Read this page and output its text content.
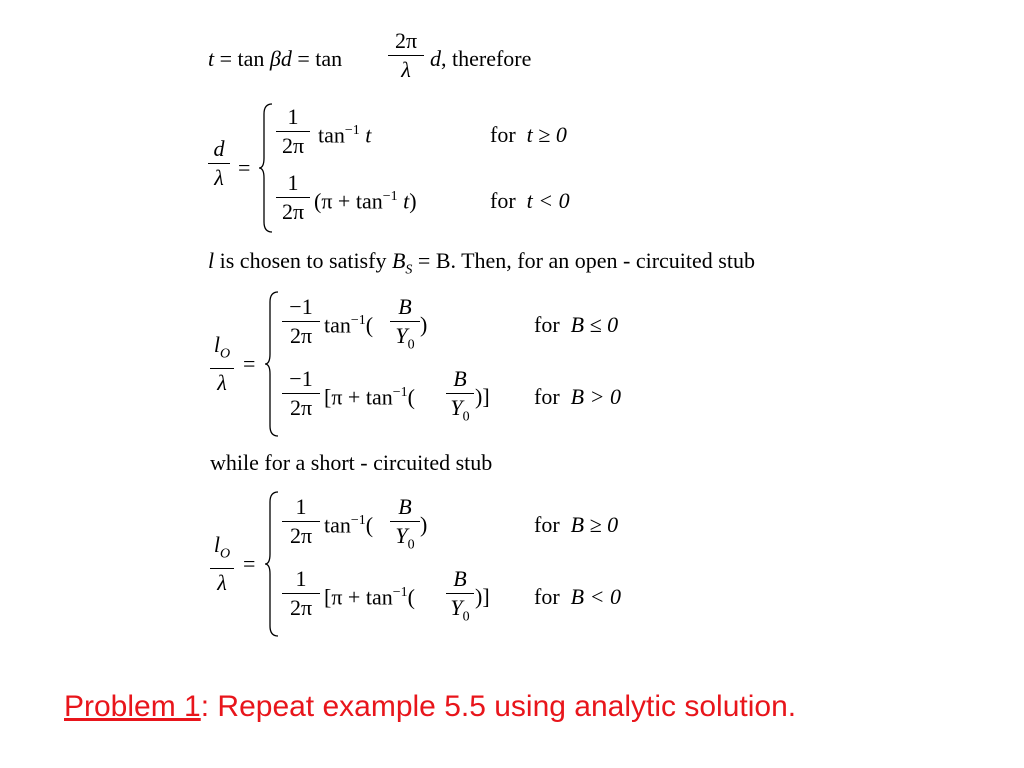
t = tan βd = tan
2π
λ d, therefore
d
λ =
1
2π $\tan^{-1} t$	for t ≥ 0
1
2π $(\pi + \tan^{-1} t)$	for t < 0
l is chosen to satisfy $B_S = B$. Then, for an open - circuited stub
$l_O$
λ
=
−1
2π $\tan^{-1}$(
B
$Y_0$
)	for B ≤ 0
−1
2π [$\pi + \tan^{-1}$(
B
$Y_0$
)] for B > 0
while for a short - circuited stub
$l_O$
λ
=
1
2π $\tan^{-1}$(
B
$Y_0$
)	for B ≥ 0
1
2π [$\pi + \tan^{-1}$(
B
$Y_0$
)] for B < 0
Problem 1: Repeat example 5.5 using analytic solution.
